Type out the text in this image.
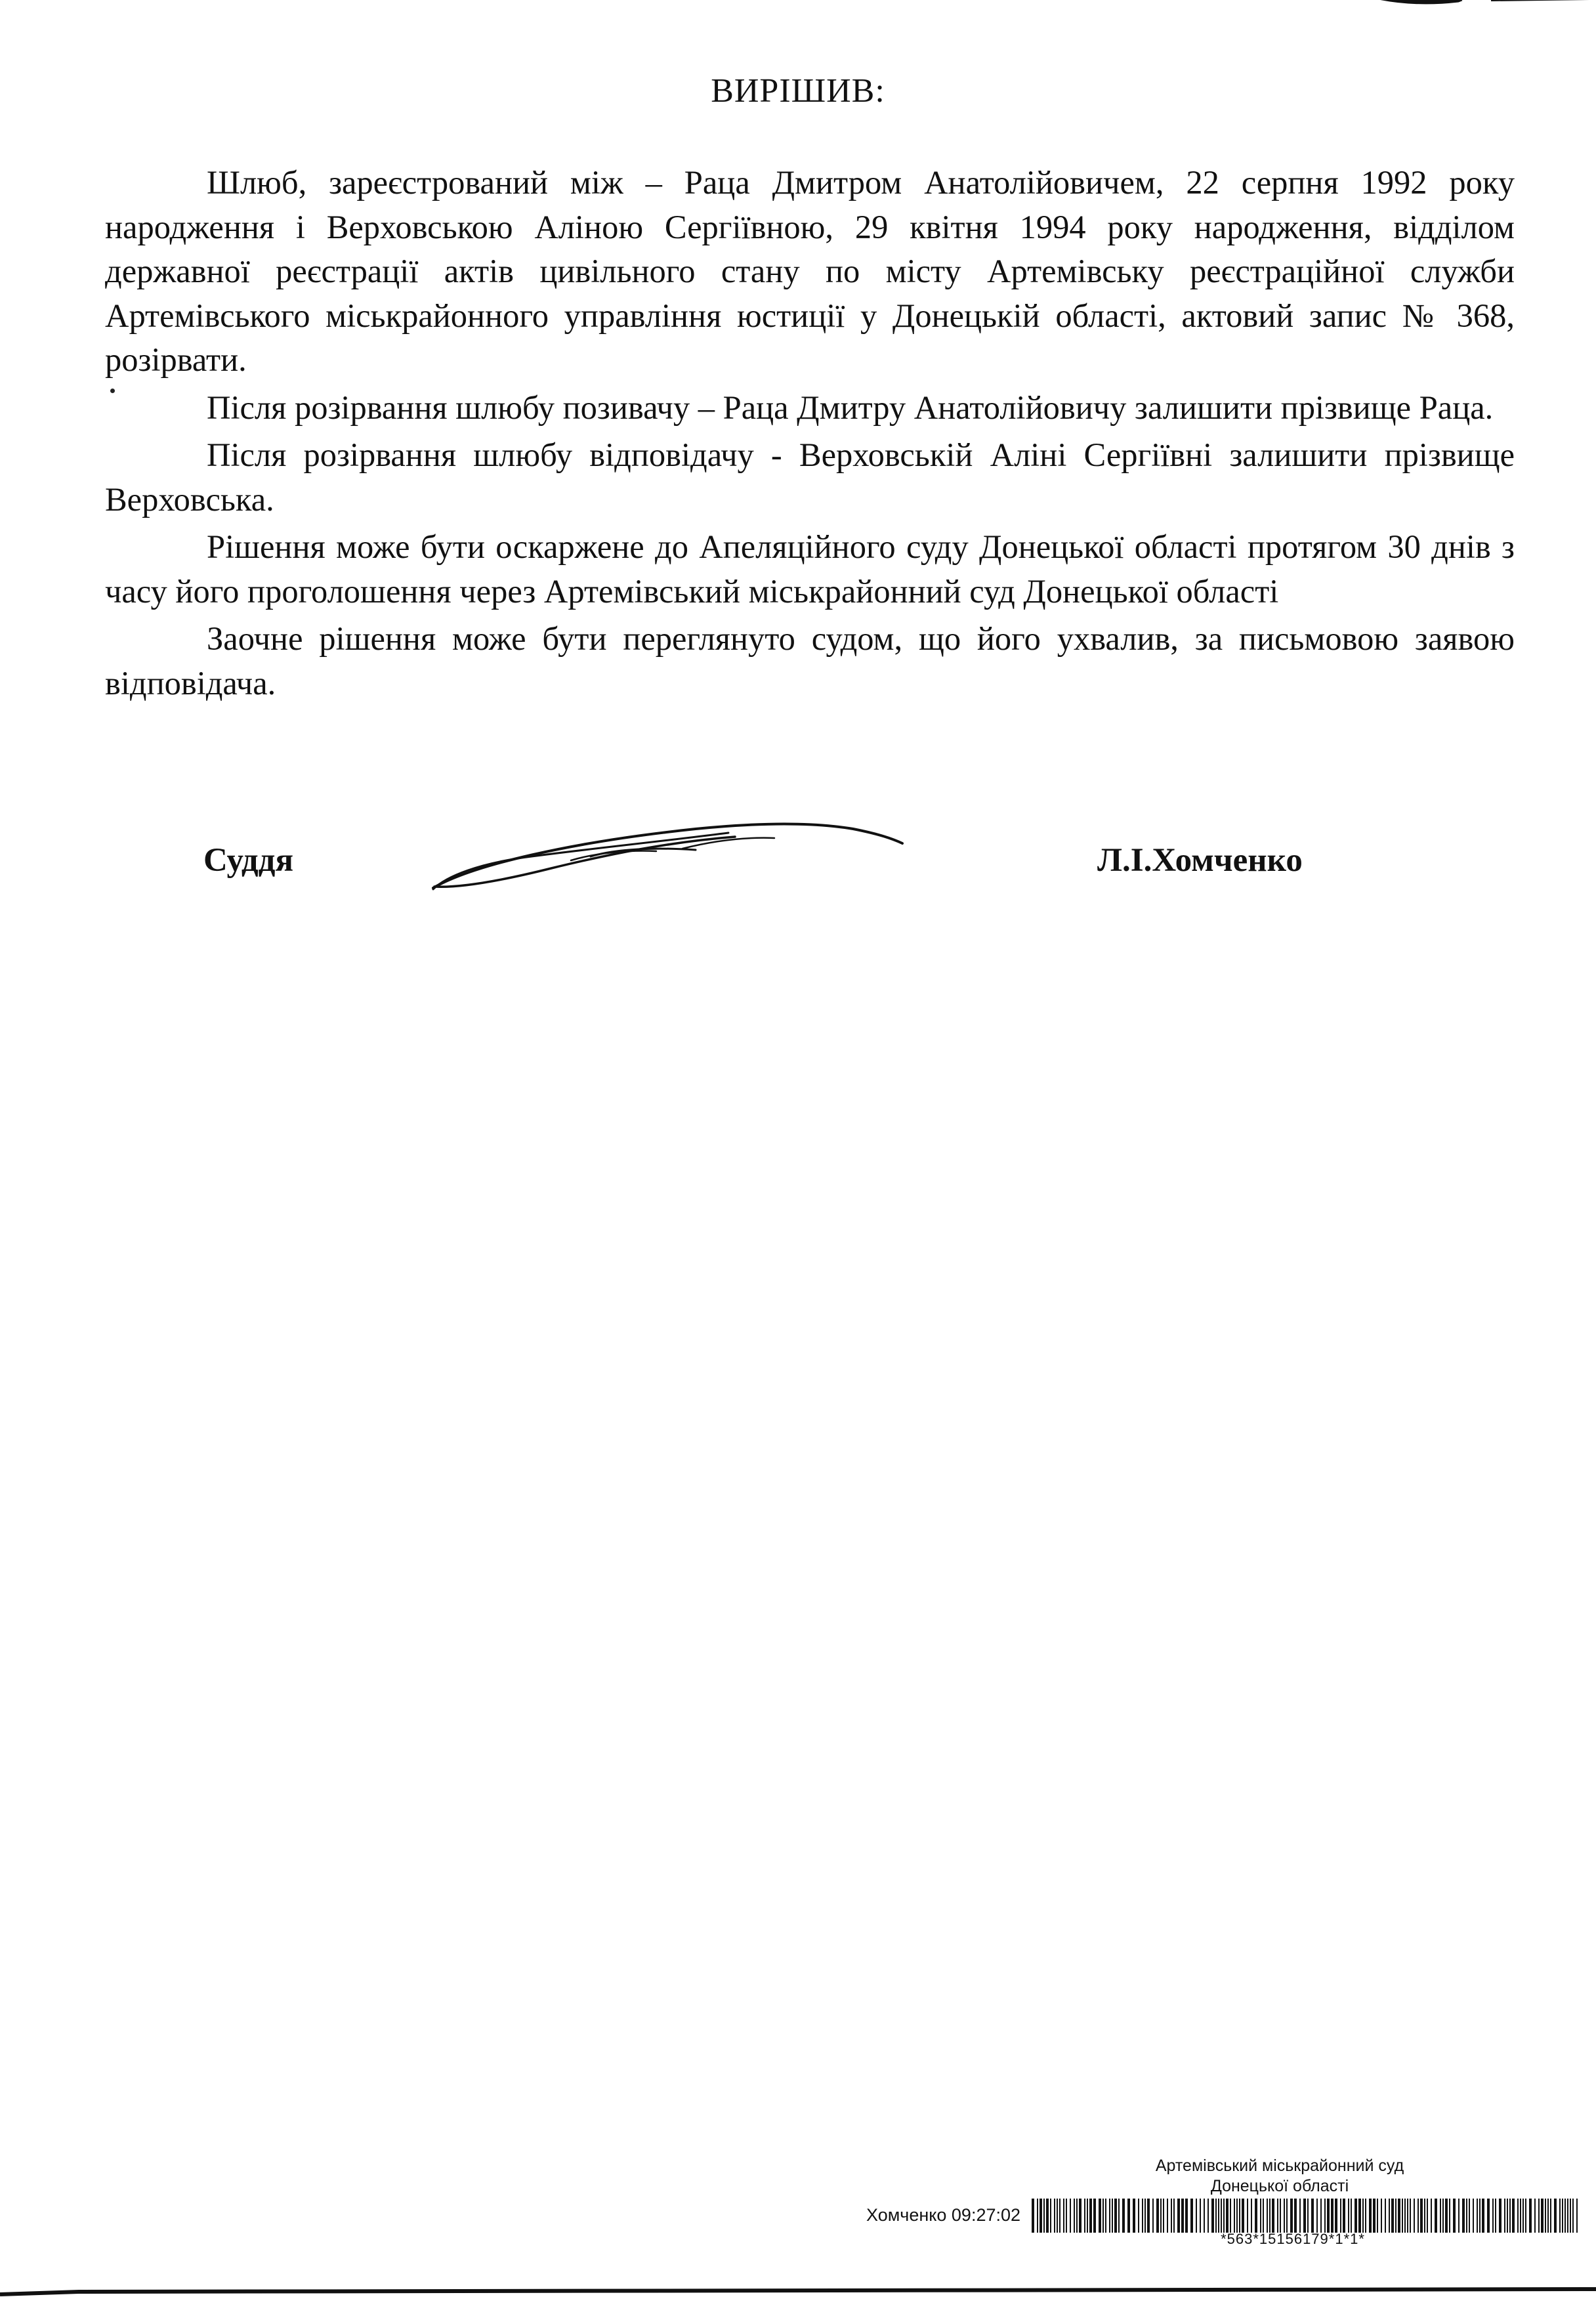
ВИРІШИВ:

Шлюб, зареєстрований між – Раца Дмитром Анатолійовичем, 22 серпня 1992 року народження і Верховською Аліною Сергіївною, 29 квітня 1994 року народження, відділом державної реєстрації актів цивільного стану по місту Артемівську реєстраційної служби Артемівського міськрайонного управління юстиції у Донецькій області, актовий запис № 368, розірвати.

Після розірвання шлюбу позивачу – Раца Дмитру Анатолійовичу залишити прізвище Раца.

Після розірвання шлюбу відповідачу - Верховській Аліні Сергіївні залишити прізвище Верховська.

Рішення може бути оскаржене до Апеляційного суду Донецької області протягом 30 днів з часу його проголошення через Артемівський міськрайонний суд Донецької області

Заочне рішення може бути переглянуто судом, що його ухвалив, за письмовою заявою відповідача.

Суддя	Л.І.Хомченко
Артемівський міськрайонний суд
Донецької області
Хомченко 09:27:02
*563*15156179*1*1*
